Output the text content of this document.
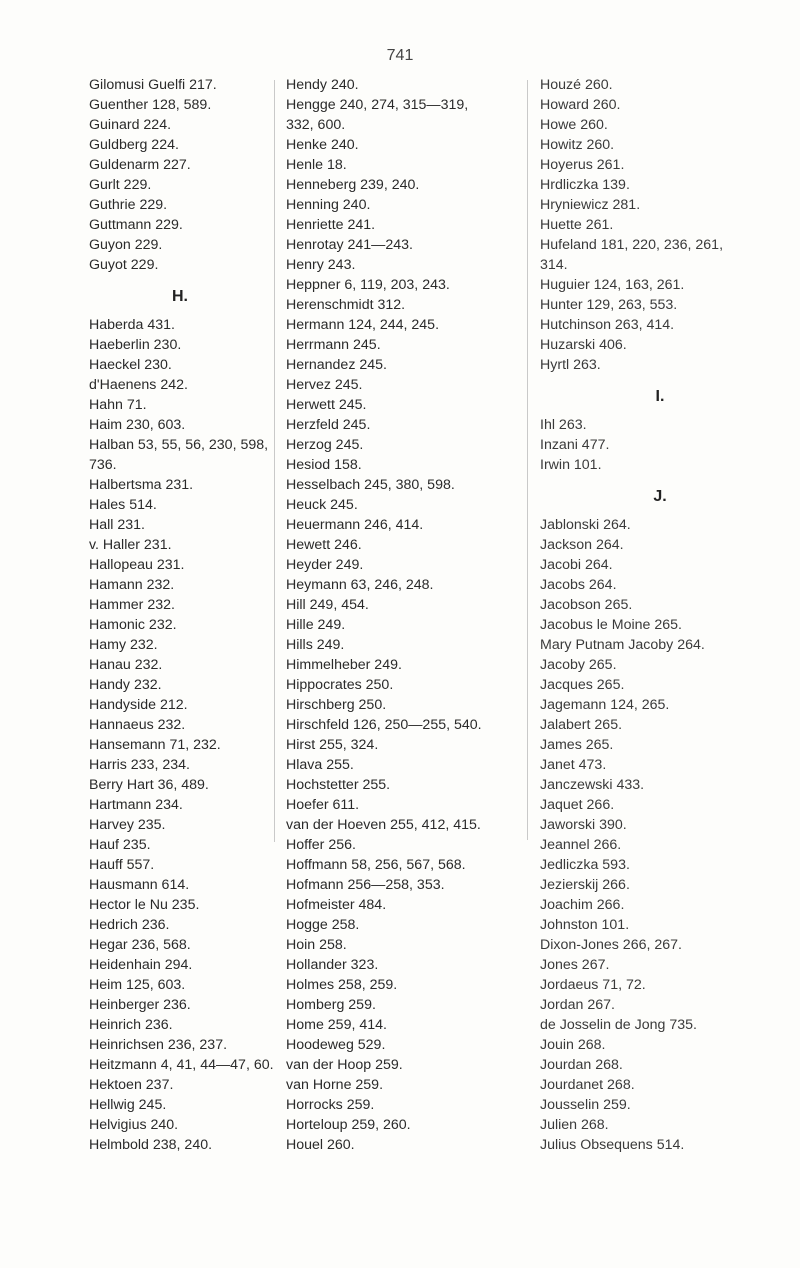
741
Gilomusi Guelfi 217.
Guenther 128, 589.
Guinard 224.
Guldberg 224.
Guldenarm 227.
Gurlt 229.
Guthrie 229.
Guttmann 229.
Guyon 229.
Guyot 229.
H.
Haberda 431.
Haeberlin 230.
Haeckel 230.
d'Haenens 242.
Hahn 71.
Haim 230, 603.
Halban 53, 55, 56, 230, 598,
736.
Halbertsma 231.
Hales 514.
Hall 231.
v. Haller 231.
Hallopeau 231.
Hamann 232.
Hammer 232.
Hamonic 232.
Hamy 232.
Hanau 232.
Handy 232.
Handyside 212.
Hannaeus 232.
Hansemann 71, 232.
Harris 233, 234.
Berry Hart 36, 489.
Hartmann 234.
Harvey 235.
Hauf 235.
Hauff 557.
Hausmann 614.
Hector le Nu 235.
Hedrich 236.
Hegar 236, 568.
Heidenhain 294.
Heim 125, 603.
Heinberger 236.
Heinrich 236.
Heinrichsen 236, 237.
Heitzmann 4, 41, 44—47, 60.
Hektoen 237.
Hellwig 245.
Helvigius 240.
Helmbold 238, 240.
Hendy 240.
Hengge 240, 274, 315—319,
332, 600.
Henke 240.
Henle 18.
Henneberg 239, 240.
Henning 240.
Henriette 241.
Henrotay 241—243.
Henry 243.
Heppner 6, 119, 203, 243.
Herenschmidt 312.
Hermann 124, 244, 245.
Herrmann 245.
Hernandez 245.
Hervez 245.
Herwett 245.
Herzfeld 245.
Herzog 245.
Hesiod 158.
Hesselbach 245, 380, 598.
Heuck 245.
Heuermann 246, 414.
Hewett 246.
Heyder 249.
Heymann 63, 246, 248.
Hill 249, 454.
Hille 249.
Hills 249.
Himmelheber 249.
Hippocrates 250.
Hirschberg 250.
Hirschfeld 126, 250—255, 540.
Hirst 255, 324.
Hlava 255.
Hochstetter 255.
Hoefer 611.
van der Hoeven 255, 412, 415.
Hoffer 256.
Hoffmann 58, 256, 567, 568.
Hofmann 256—258, 353.
Hofmeister 484.
Hogge 258.
Hoin 258.
Hollander 323.
Holmes 258, 259.
Homberg 259.
Home 259, 414.
Hoodeweg 529.
van der Hoop 259.
van Horne 259.
Horrocks 259.
Horteloup 259, 260.
Houel 260.
Houzé 260.
Howard 260.
Howe 260.
Howitz 260.
Hoyerus 261.
Hrdliczka 139.
Hryniewicz 281.
Huette 261.
Hufeland 181, 220, 236, 261,
314.
Huguier 124, 163, 261.
Hunter 129, 263, 553.
Hutchinson 263, 414.
Huzarski 406.
Hyrtl 263.
I.
Ihl 263.
Inzani 477.
Irwin 101.
J.
Jablonski 264.
Jackson 264.
Jacobi 264.
Jacobs 264.
Jacobson 265.
Jacobus le Moine 265.
Mary Putnam Jacoby 264.
Jacoby 265.
Jacques 265.
Jagemann 124, 265.
Jalabert 265.
James 265.
Janet 473.
Janczewski 433.
Jaquet 266.
Jaworski 390.
Jeannel 266.
Jedliczka 593.
Jezierskij 266.
Joachim 266.
Johnston 101.
Dixon-Jones 266, 267.
Jones 267.
Jordaeus 71, 72.
Jordan 267.
de Josselin de Jong 735.
Jouin 268.
Jourdan 268.
Jourdanet 268.
Jousselin 259.
Julien 268.
Julius Obsequens 514.
